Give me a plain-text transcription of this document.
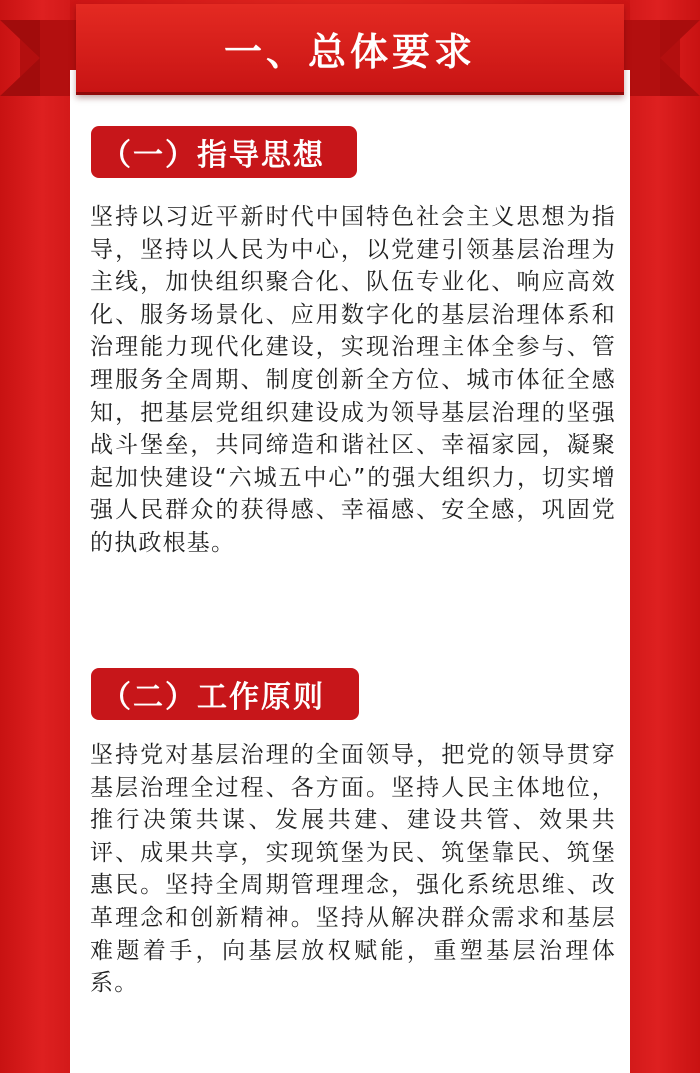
一、总体要求
（一）指导思想

坚持以习近平新时代中国特色社会主义思想为指导，坚持以人民为中心，以党建引领基层治理为主线，加快组织聚合化、队伍专业化、响应高效化、服务场景化、应用数字化的基层治理体系和治理能力现代化建设，实现治理主体全参与、管理服务全周期、制度创新全方位、城市体征全感知，把基层党组织建设成为领导基层治理的坚强战斗堡垒，共同缔造和谐社区、幸福家园，凝聚起加快建设“六城五中心”的强大组织力，切实增强人民群众的获得感、幸福感、安全感，巩固党的执政根基。

（二）工作原则

坚持党对基层治理的全面领导，把党的领导贯穿基层治理全过程、各方面。坚持人民主体地位，推行决策共谋、发展共建、建设共管、效果共评、成果共享，实现筑堡为民、筑堡靠民、筑堡惠民。坚持全周期管理理念，强化系统思维、改革理念和创新精神。坚持从解决群众需求和基层难题着手，向基层放权赋能，重塑基层治理体系。
